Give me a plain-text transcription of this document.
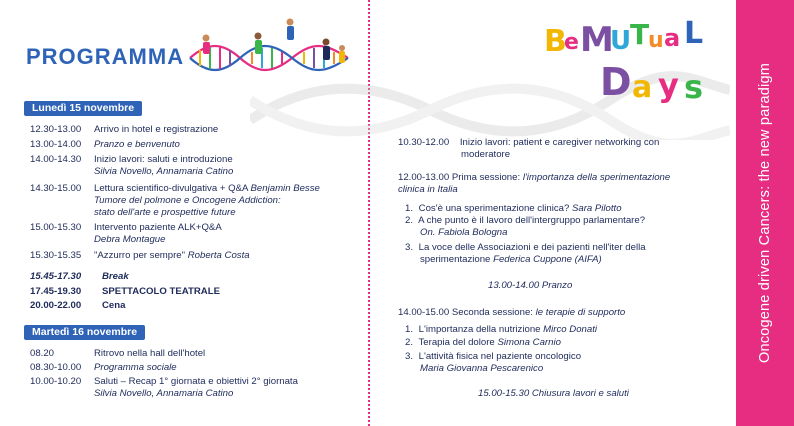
PROGRAMMA
Lunedì 15 novembre
12.30-13.00	Arrivo in hotel e registrazione
13.00-14.00	Pranzo e benvenuto
14.00-14.30	Inizio lavori: saluti e introduzione
Silvia Novello, Annamaria Catino
14.30-15.00	Lettura scientifico-divulgativa + Q&A Benjamin Besse
Tumore del polmone e Oncogene Addiction:
stato dell'arte e prospettive future
15.00-15.30	Intervento paziente ALK+Q&A
Debra Montague
15.30-15.35	"Azzurro per sempre" Roberta Costa
15.45-17.30	Break
17.45-19.30	SPETTACOLO TEATRALE
20.00-22.00	Cena
Martedì 16 novembre
08.20	Ritrovo nella hall dell'hotel
08.30-10.00	Programma sociale
10.00-10.20	Saluti – Recap 1° giornata e obiettivi 2° giornata
Silvia Novello, Annamaria Catino
B
e M
U
T
u a L
D a y s
10.30-12.00 Inizio lavori: patient e caregiver networking con
moderatore
12.00-13.00 Prima sessione: l'importanza della sperimentazione
clinica in Italia
1. Cos'è una sperimentazione clinica? Sara Pilotto
2. A che punto è il lavoro dell'intergruppo parlamentare?
On. Fabiola Bologna
3. La voce delle Associazioni e dei pazienti nell'iter della
sperimentazione Federica Cuppone (AIFA)
13.00-14.00 Pranzo
14.00-15.00 Seconda sessione: le terapie di supporto
1. L'importanza della nutrizione Mirco Donati
2. Terapia del dolore Simona Carnio
3. L'attività fisica nel paziente oncologico
Maria Giovanna Pescarenico
15.00-15.30 Chiusura lavori e saluti
Oncogene driven Cancers: the new paradigm
